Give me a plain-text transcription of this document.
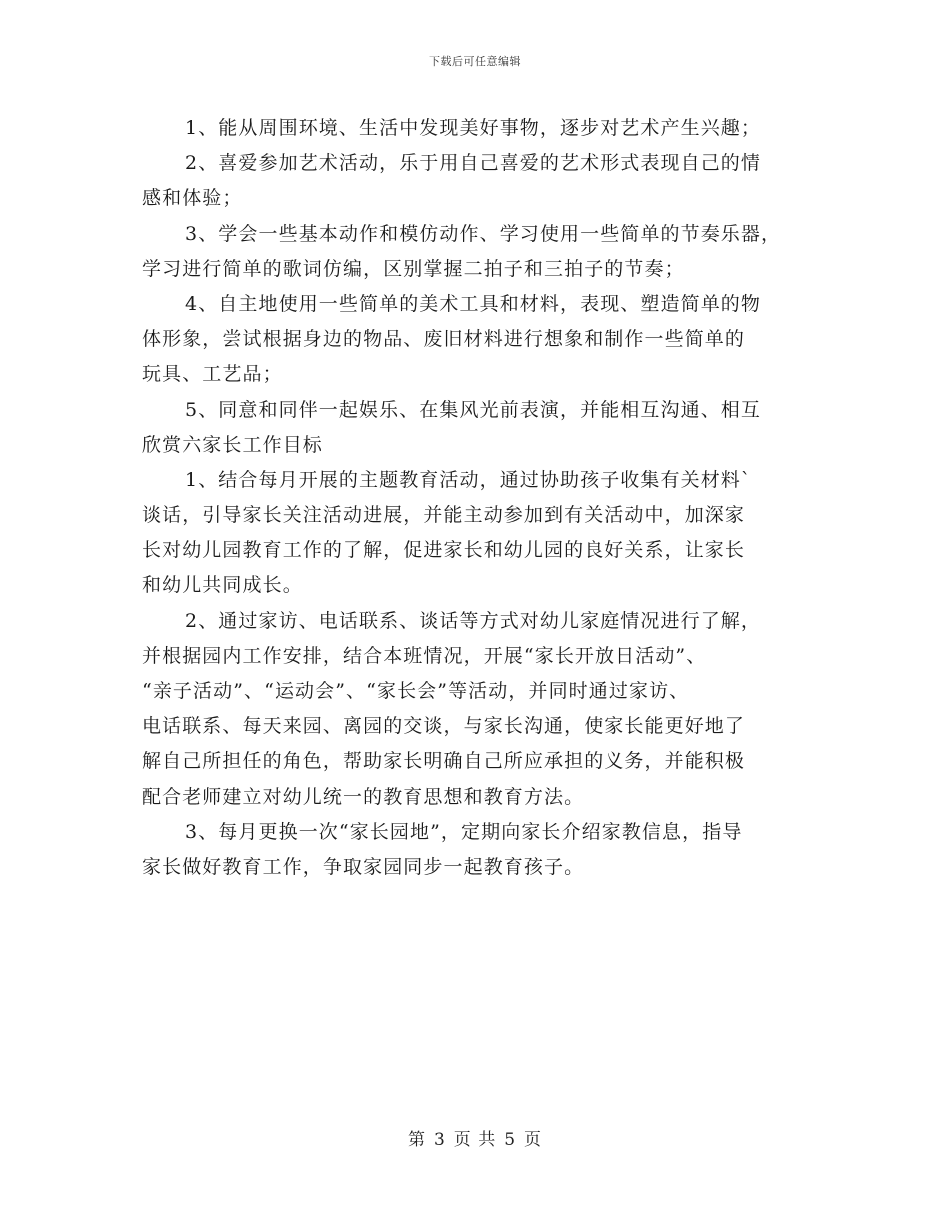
下载后可任意编辑
1、能从周围环境、生活中发现美好事物，逐步对艺术产生兴趣；
2、喜爱参加艺术活动，乐于用自己喜爱的艺术形式表现自己的情
感和体验；
3、学会一些基本动作和模仿动作、学习使用一些简单的节奏乐器，
学习进行简单的歌词仿编，区别掌握二拍子和三拍子的节奏；
4、自主地使用一些简单的美术工具和材料，表现、塑造简单的物
体形象，尝试根据身边的物品、废旧材料进行想象和制作一些简单的
玩具、工艺品；
5、同意和同伴一起娱乐、在集风光前表演，并能相互沟通、相互
欣赏六家长工作目标
1、结合每月开展的主题教育活动，通过协助孩子收集有关材料`
谈话，引导家长关注活动进展，并能主动参加到有关活动中，加深家
长对幼儿园教育工作的了解，促进家长和幼儿园的良好关系，让家长
和幼儿共同成长。
2、通过家访、电话联系、谈话等方式对幼儿家庭情况进行了解，
并根据园内工作安排，结合本班情况，开展“家长开放日活动”、
“亲子活动”、“运动会”、“家长会”等活动，并同时通过家访、
电话联系、每天来园、离园的交谈，与家长沟通，使家长能更好地了
解自己所担任的角色，帮助家长明确自己所应承担的义务，并能积极
配合老师建立对幼儿统一的教育思想和教育方法。
3、每月更换一次“家长园地”，定期向家长介绍家教信息，指导
家长做好教育工作，争取家园同步一起教育孩子。
第 3 页 共 5 页
